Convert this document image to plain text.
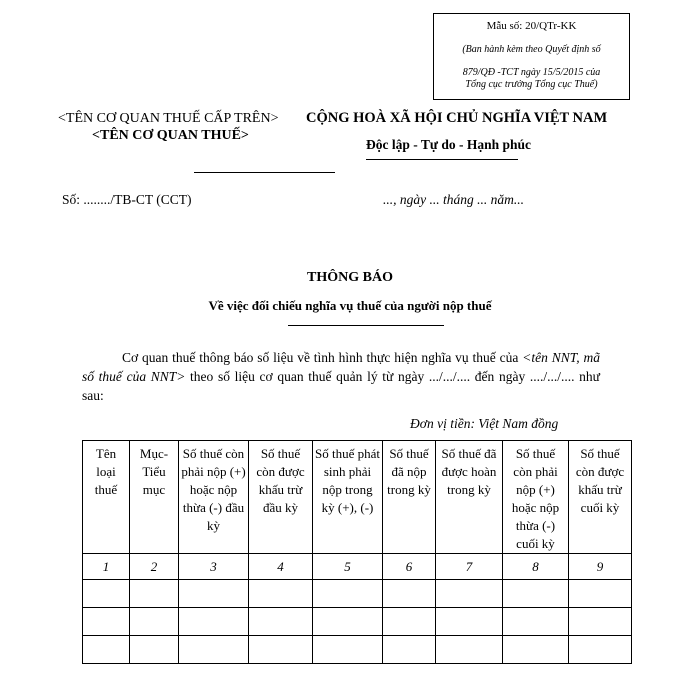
Mẫu số: 20/QTr-KK
(Ban hành kèm theo Quyết định số
879/QĐ -TCT ngày 15/5/2015 của
Tổng cục trưởng Tổng cục Thuế)
<TÊN CƠ QUAN THUẾ CẤP TRÊN>
<TÊN CƠ QUAN THUẾ>
CỘNG HOÀ XÃ HỘI CHỦ NGHĨA VIỆT NAM
Độc lập - Tự do - Hạnh phúc
Số: ......../TB-CT (CCT)	..., ngày ... tháng ... năm...
THÔNG BÁO
Về việc đối chiếu nghĩa vụ thuế của người nộp thuế
Cơ quan thuế thông báo số liệu về tình hình thực hiện nghĩa vụ thuế của <tên NNT, mã số thuế của NNT> theo số liệu cơ quan thuế quản lý từ ngày .../.../.... đến ngày ..../.../.... như sau:
Đơn vị tiền: Việt Nam đồng
Tên loại thuế	Mục-Tiểu mục	Số thuế còn phải nộp (+) hoặc nộp thừa (-) đầu kỳ	Số thuế còn được khấu trừ đầu kỳ	Số thuế phát sinh phải nộp trong kỳ (+), (-)	Số thuế đã nộp trong kỳ	Số thuế đã được hoàn trong kỳ	Số thuế còn phải nộp (+) hoặc nộp thừa (-) cuối kỳ	Số thuế còn được khấu trừ cuối kỳ
1	2	3	4	5	6	7	8	9
